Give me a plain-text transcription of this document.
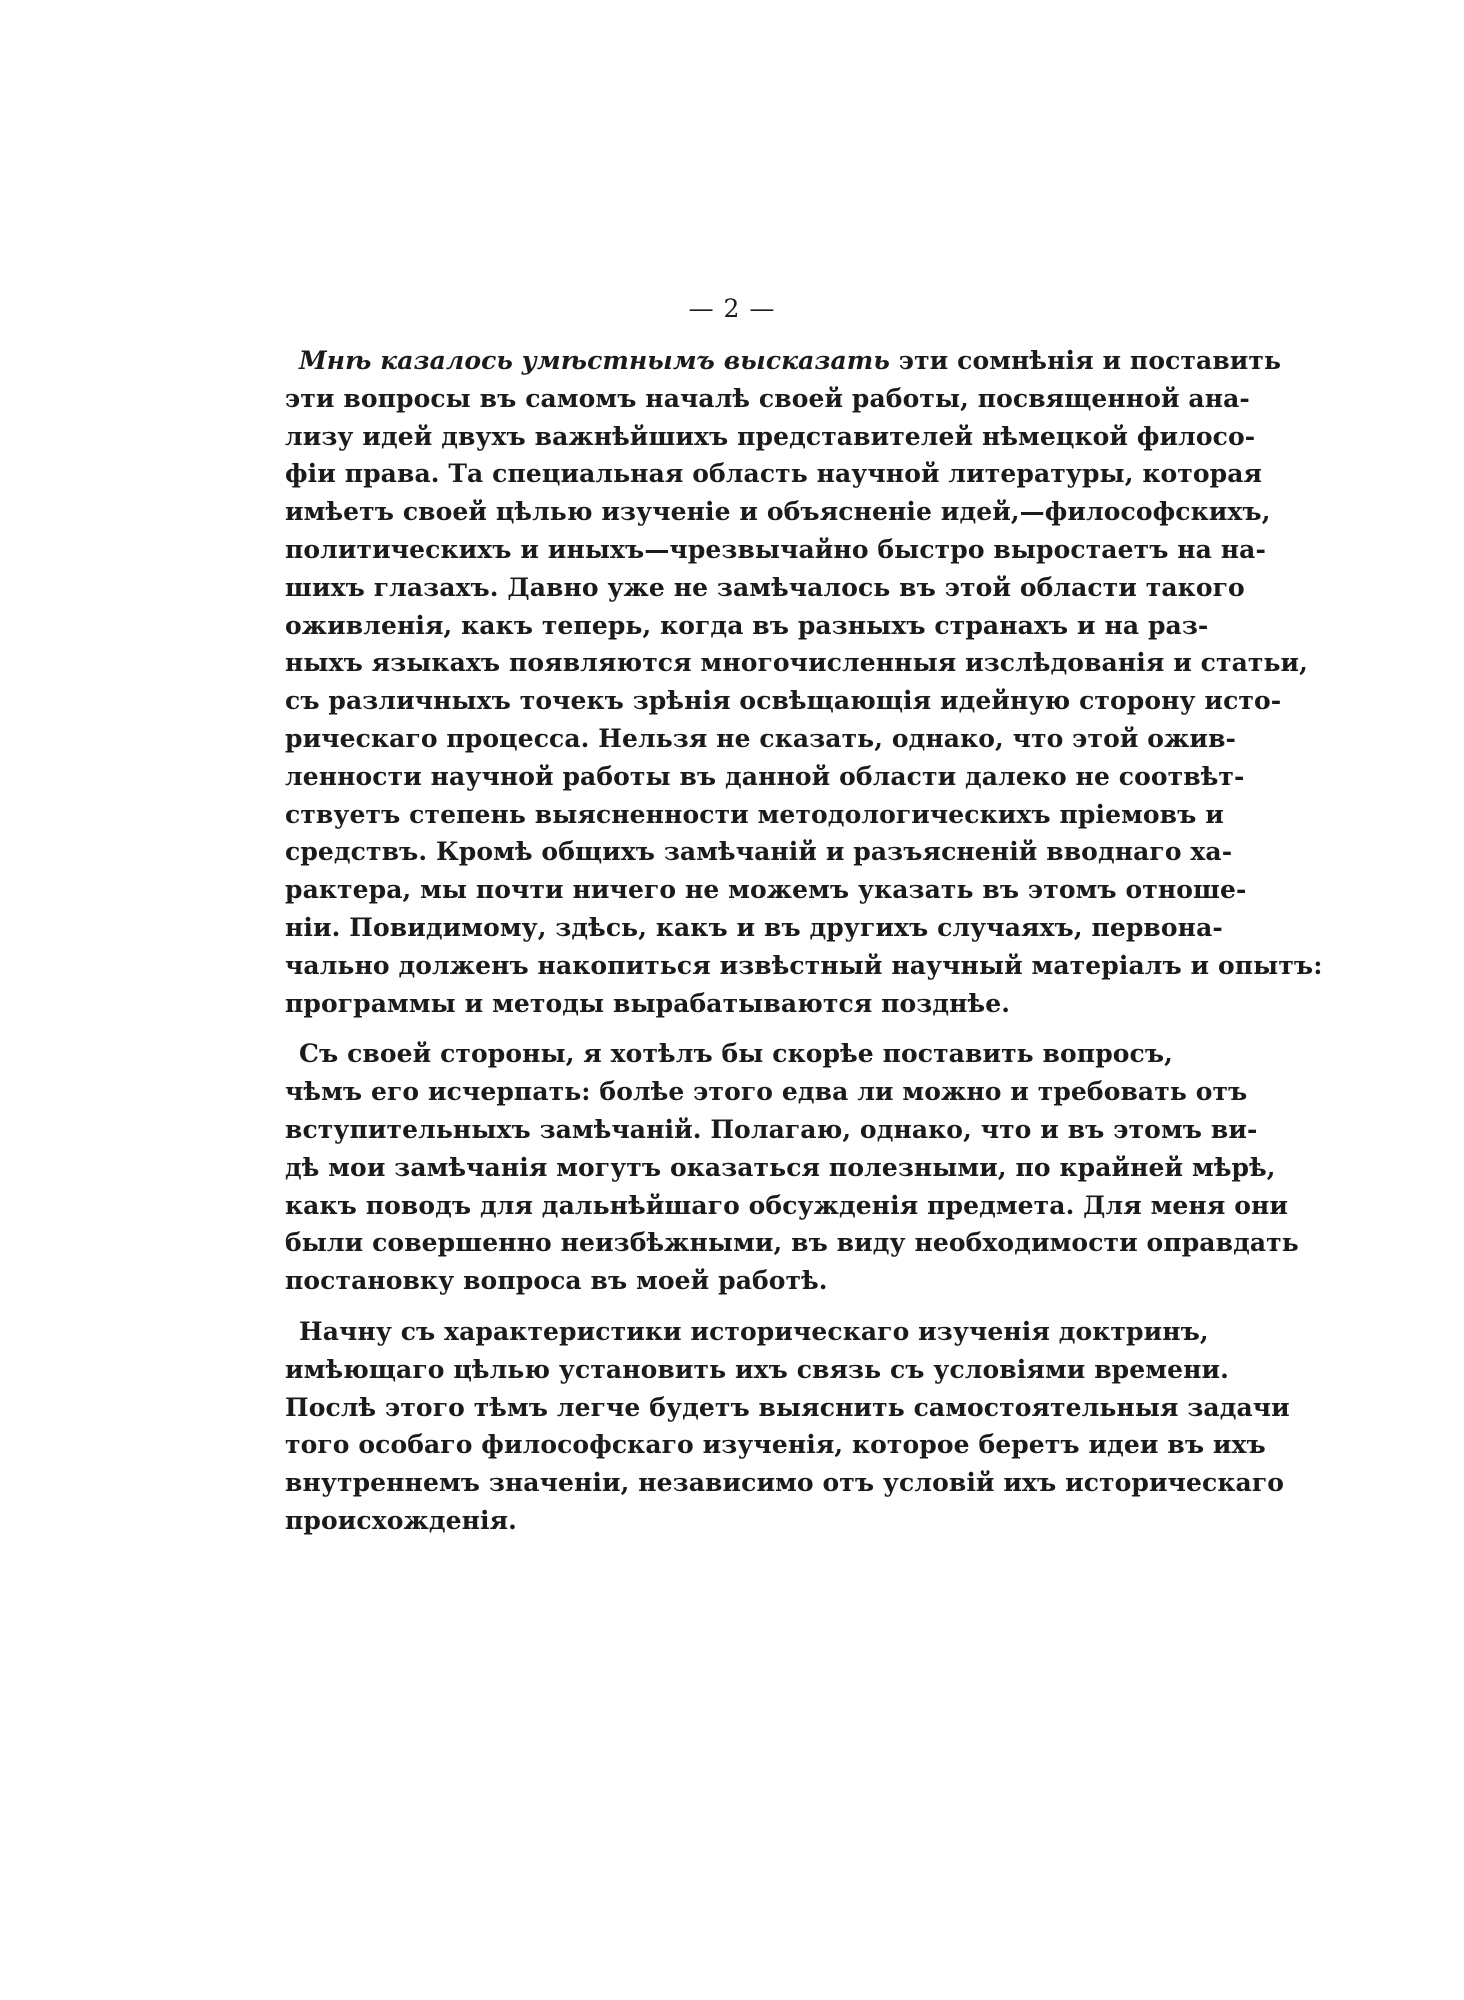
— 2 —
Мнѣ казалось умѣстнымъ высказать эти сомнѣнія и поставить
эти вопросы въ самомъ началѣ своей работы, посвященной ана-
лизу идей двухъ важнѣйшихъ представителей нѣмецкой филосо-
фіи права. Та специальная область научной литературы, которая
имѣетъ своей цѣлью изученіе и объясненіе идей,—философскихъ,
политическихъ и иныхъ—чрезвычайно быстро выростаетъ на на-
шихъ глазахъ. Давно уже не замѣчалось въ этой области такого
оживленія, какъ теперь, когда въ разныхъ странахъ и на раз-
ныхъ языкахъ появляются многочисленныя изслѣдованія и статьи,
съ различныхъ точекъ зрѣнія освѣщающія идейную сторону исто-
рическаго процесса. Нельзя не сказать, однако, что этой ожив-
ленности научной работы въ данной области далеко не соотвѣт-
ствуетъ степень выясненности методологическихъ пріемовъ и
средствъ. Кромѣ общихъ замѣчаній и разъясненій вводнаго ха-
рактера, мы почти ничего не можемъ указать въ этомъ отноше-
ніи. Повидимому, здѣсь, какъ и въ другихъ случаяхъ, первона-
чально долженъ накопиться извѣстный научный матеріалъ и опытъ:
программы и методы вырабатываются позднѣе.
Съ своей стороны, я хотѣлъ бы скорѣе поставить вопросъ,
чѣмъ его исчерпать: болѣе этого едва ли можно и требовать отъ
вступительныхъ замѣчаній. Полагаю, однако, что и въ этомъ ви-
дѣ мои замѣчанія могутъ оказаться полезными, по крайней мѣрѣ,
какъ поводъ для дальнѣйшаго обсужденія предмета. Для меня они
были совершенно неизбѣжными, въ виду необходимости оправдать
постановку вопроса въ моей работѣ.
Начну съ характеристики историческаго изученія доктринъ,
имѣющаго цѣлью установить ихъ связь съ условіями времени.
Послѣ этого тѣмъ легче будетъ выяснить самостоятельныя задачи
того особаго философскаго изученія, которое беретъ идеи въ ихъ
внутреннемъ значеніи, независимо отъ условій ихъ историческаго
происхожденія.
